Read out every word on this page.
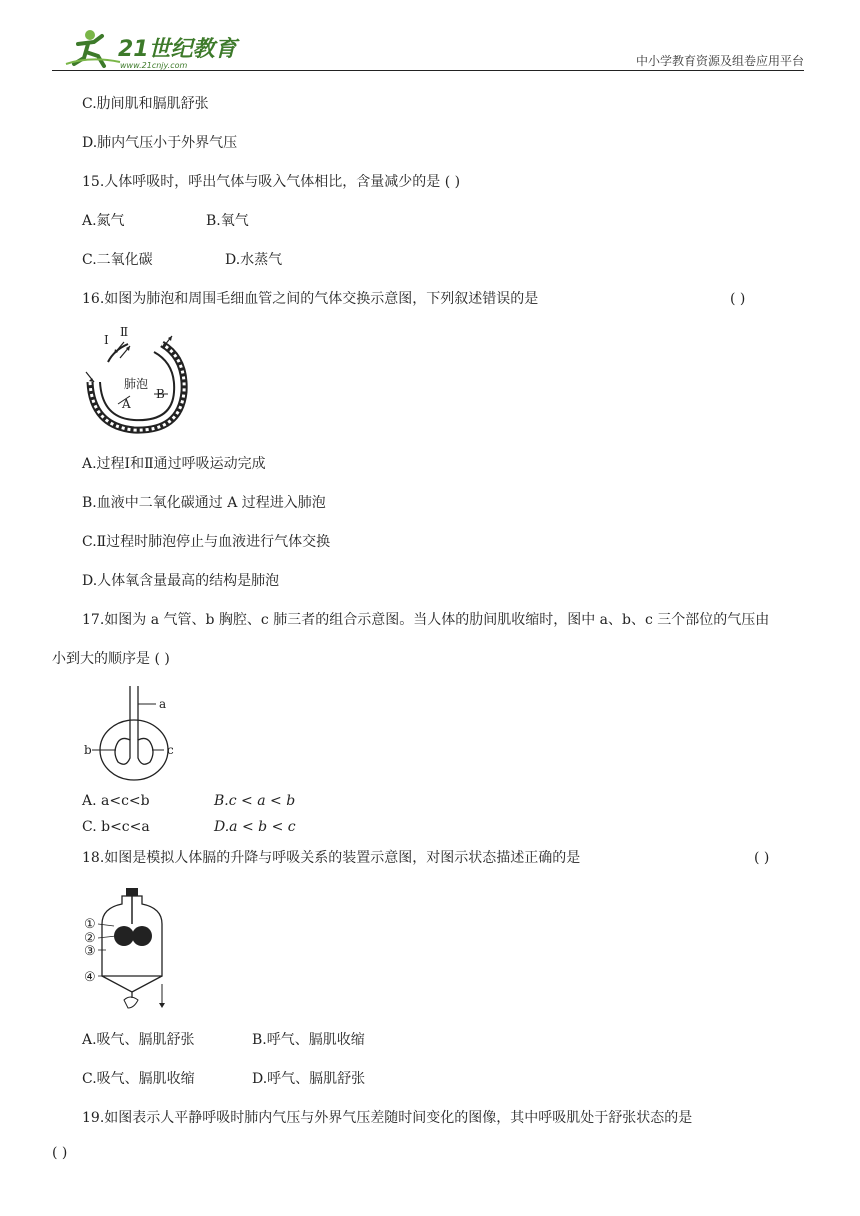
21世纪教育
www.21cnjy.com	中小学教育资源及组卷应用平台
C.肋间肌和膈肌舒张
D.肺内气压小于外界气压
15.人体呼吸时，呼出气体与吸入气体相比，含量减少的是 ( )
A.氮气	B.氧气
C.二氧化碳	D.水蒸气
16.如图为肺泡和周围毛细血管之间的气体交换示意图，下列叙述错误的是	( )
Ⅰ
Ⅱ
肺泡
A
B
A.过程Ⅰ和Ⅱ通过呼吸运动完成
B.血液中二氧化碳通过 A 过程进入肺泡
C.Ⅱ过程时肺泡停止与血液进行气体交换
D.人体氧含量最高的结构是肺泡
17.如图为 a 气管、b 胸腔、c 肺三者的组合示意图。当人体的肋间肌收缩时，图中 a、b、c 三个部位的气压由
小到大的顺序是 ( )
a
b	c
A. a<c<b	B.c < a < b
C. b<c<a	D.a < b < c
18.如图是模拟人体膈的升降与呼吸关系的装置示意图，对图示状态描述正确的是	( )
①
②
③
④
A.吸气、膈肌舒张	B.呼气、膈肌收缩
C.吸气、膈肌收缩	D.呼气、膈肌舒张
19.如图表示人平静呼吸时肺内气压与外界气压差随时间变化的图像，其中呼吸肌处于舒张状态的是
( )
